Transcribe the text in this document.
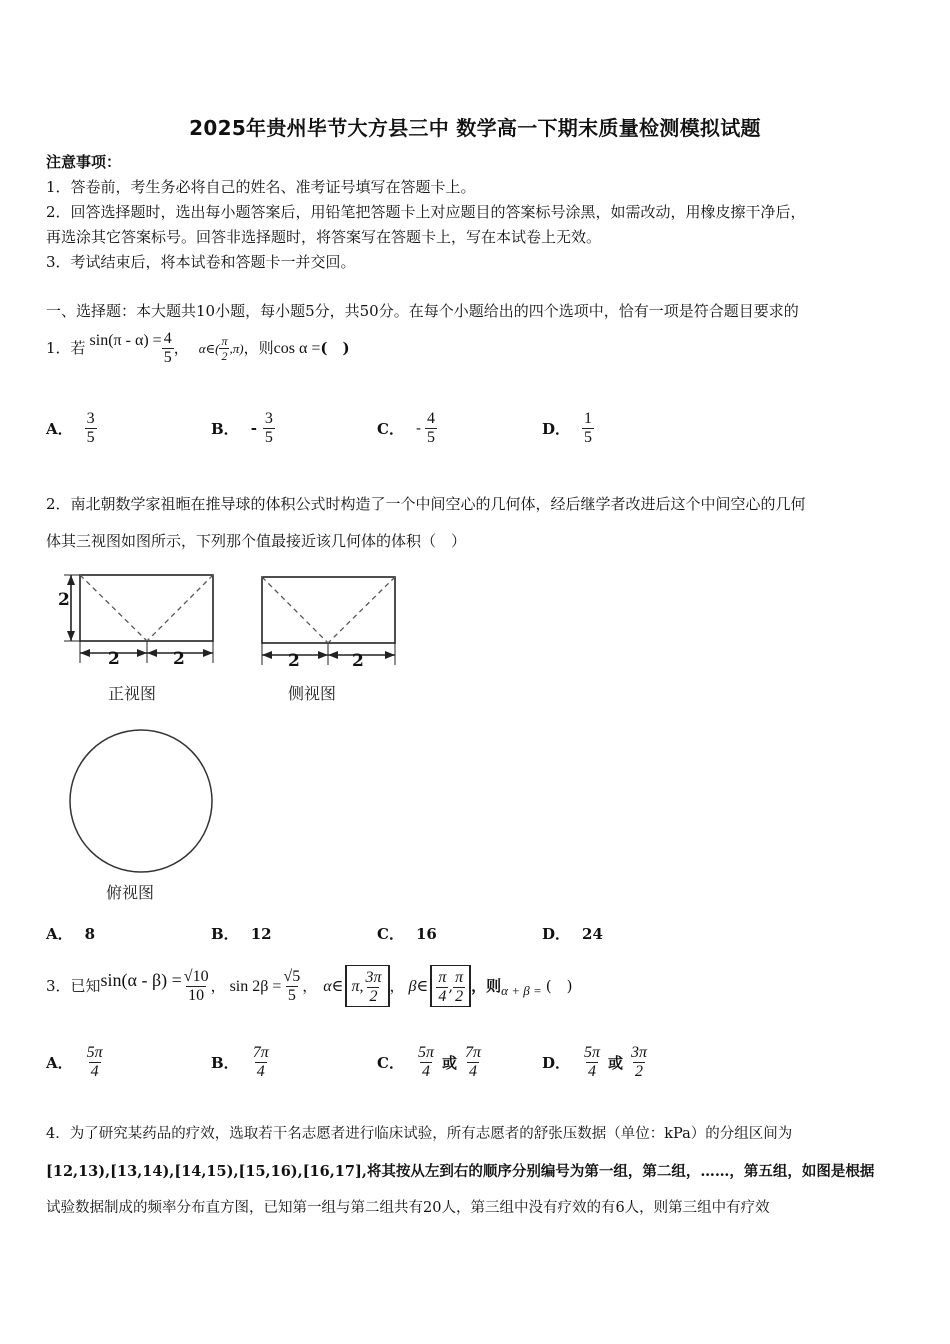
2025年贵州毕节大方县三中 数学高一下期末质量检测模拟试题
注意事项：
1．答卷前，考生务必将自己的姓名、准考证号填写在答题卡上。
2．回答选择题时，选出每小题答案后，用铅笔把答题卡上对应题目的答案标号涂黑，如需改动，用橡皮擦干净后，
再选涂其它答案标号。回答非选择题时，将答案写在答题卡上，写在本试卷上无效。
3．考试结束后，将本试卷和答题卡一并交回。
一、选择题：本大题共10小题，每小题5分，共50分。在每个小题给出的四个选项中，恰有一项是符合题目要求的
1．若 $\sin(\pi - \alpha) = \frac{4}{5}$ ， α∈( $\frac{\pi}{2} ,\pi$) ，则 cos α = (　)
A． $\frac{3}{5}$	B． - $\frac{3}{5}$	C． - $\frac{4}{5}$	D． $\frac{1}{5}$
2．南北朝数学家祖暅在推导球的体积公式时构造了一个中间空心的几何体，经后继学者改进后这个中间空心的几何
体其三视图如图所示，下列那个值最接近该几何体的体积（　）
2
2	2	2	2
正视图	侧视图
俯视图
A． 8	B． 12	C． 16	D． 24
3．已知 $\sin(\alpha - \beta) = \frac{√10}{10}$ ， $\sin 2\beta = \frac{√5}{5}$ ， α∈ π, $\frac{3\pi}{2}$ ， β∈ $\frac{\pi}{4}$ , $\frac{\pi}{2}$ ，则 α + β = (　)
A． $\frac{5\pi}{4}$	B． $\frac{7\pi}{4}$	C． $\frac{5\pi}{4}$ 或 $\frac{7\pi}{4}$	D． $\frac{5\pi}{4}$ 或 $\frac{3\pi}{2}$
4．为了研究某药品的疗效，选取若干名志愿者进行临床试验，所有志愿者的舒张压数据（单位：kPa）的分组区间为
[12,13),[13,14),[14,15),[15,16),[16,17],将其按从左到右的顺序分别编号为第一组，第二组，……，第五组，如图是根据
试验数据制成的频率分布直方图，已知第一组与第二组共有20人，第三组中没有疗效的有6人，则第三组中有疗效
